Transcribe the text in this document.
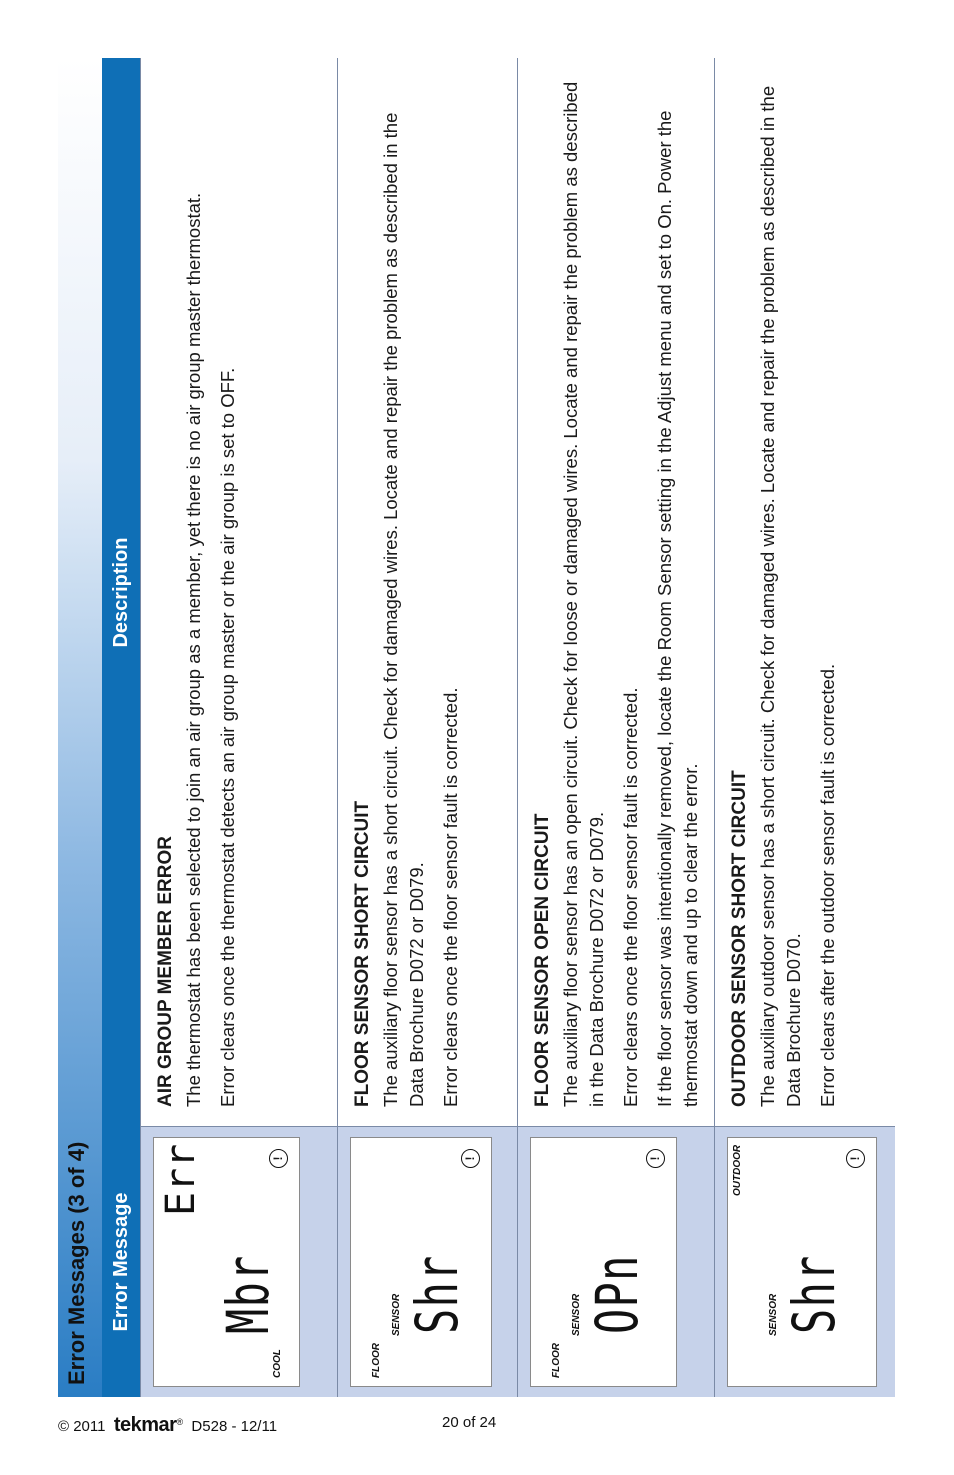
Error Messages (3 of 4)	Error Message
Description
Err
Mbr
COOL
!
AIR GROUP MEMBER ERROR The thermostat has been selected to join an air group as a member, yet there is no air group master thermostat. Error clears once the thermostat detects an air group master or the air group is set to OFF.

FLOOR
SENSOR Shr
!
FLOOR SENSOR SHORT CIRCUIT The auxiliary floor sensor has a short circuit. Check for damaged wires. Locate and repair the problem as described in the Data Brochure D072 or D079. Error clears once the floor sensor fault is corrected.

FLOOR
SENSOR OPn
!
FLOOR SENSOR OPEN CIRCUIT The auxiliary floor sensor has an open circuit. Check for loose or damaged wires. Locate and repair the problem as described in the Data Brochure D072 or D079. Error clears once the floor sensor fault is corrected. If the floor sensor was intentionally removed, locate the Room Sensor setting in the Adjust menu and set to On. Power the thermostat down and up to clear the error.

OUTDOOR
SENSOR Shr
!
OUTDOOR SENSOR SHORT CIRCUIT The auxiliary outdoor sensor has a short circuit. Check for damaged wires. Locate and repair the problem as described in the Data Brochure D070. Error clears after the outdoor sensor fault is corrected.

© 2011 tekmar® D528 - 12/11	20 of 24
